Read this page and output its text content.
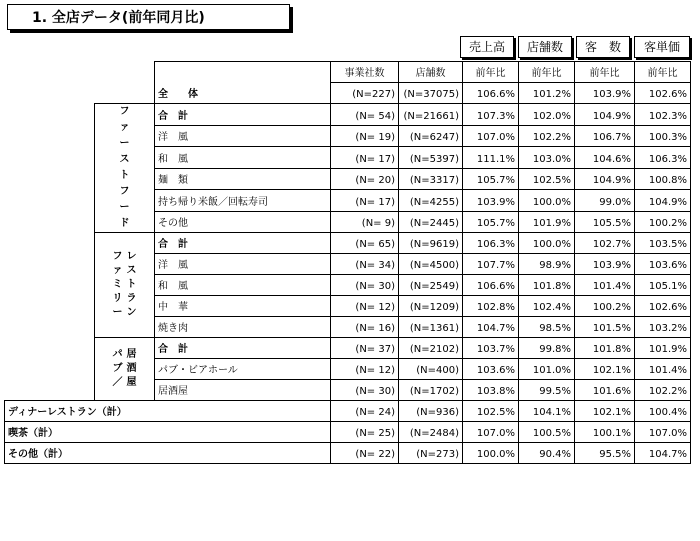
1. 全店データ(前年同月比)
売上高	店舗数	客　数	客単価
			事業社数	店舗数	前年比	前年比	前年比	前年比
		全　　体	(N=227)	(N=37075)	106.6%	101.2%	103.9%	102.6%
	ファーストフード	合　計	(N= 54)	(N=21661)	107.3%	102.0%	104.9%	102.3%
		洋　風	(N= 19)	(N=6247)	107.0%	102.2%	106.7%	100.3%
		和　風	(N= 17)	(N=5397)	111.1%	103.0%	104.6%	106.3%
		麺　類	(N= 20)	(N=3317)	105.7%	102.5%	104.9%	100.8%
		持ち帰り米飯／回転寿司	(N= 17)	(N=4255)	103.9%	100.0%	99.0%	104.9%
		その他	(N= 9)	(N=2445)	105.7%	101.9%	105.5%	100.2%
	ファミリーレストラン	合　計	(N= 65)	(N=9619)	106.3%	100.0%	102.7%	103.5%
		洋　風	(N= 34)	(N=4500)	107.7%	98.9%	103.9%	103.6%
		和　風	(N= 30)	(N=2549)	106.6%	101.8%	101.4%	105.1%
		中　華	(N= 12)	(N=1209)	102.8%	102.4%	100.2%	102.6%
		焼き肉	(N= 16)	(N=1361)	104.7%	98.5%	101.5%	103.2%
	パブ／居酒屋	合　計	(N= 37)	(N=2102)	103.7%	99.8%	101.8%	101.9%
		パブ・ビアホール	(N= 12)	(N=400)	103.6%	101.0%	102.1%	101.4%
		居酒屋	(N= 30)	(N=1702)	103.8%	99.5%	101.6%	102.2%
ディナーレストラン（計）			(N= 24)	(N=936)	102.5%	104.1%	102.1%	100.4%
喫茶（計）			(N= 25)	(N=2484)	107.0%	100.5%	100.1%	107.0%
その他（計）			(N= 22)	(N=273)	100.0%	90.4%	95.5%	104.7%
